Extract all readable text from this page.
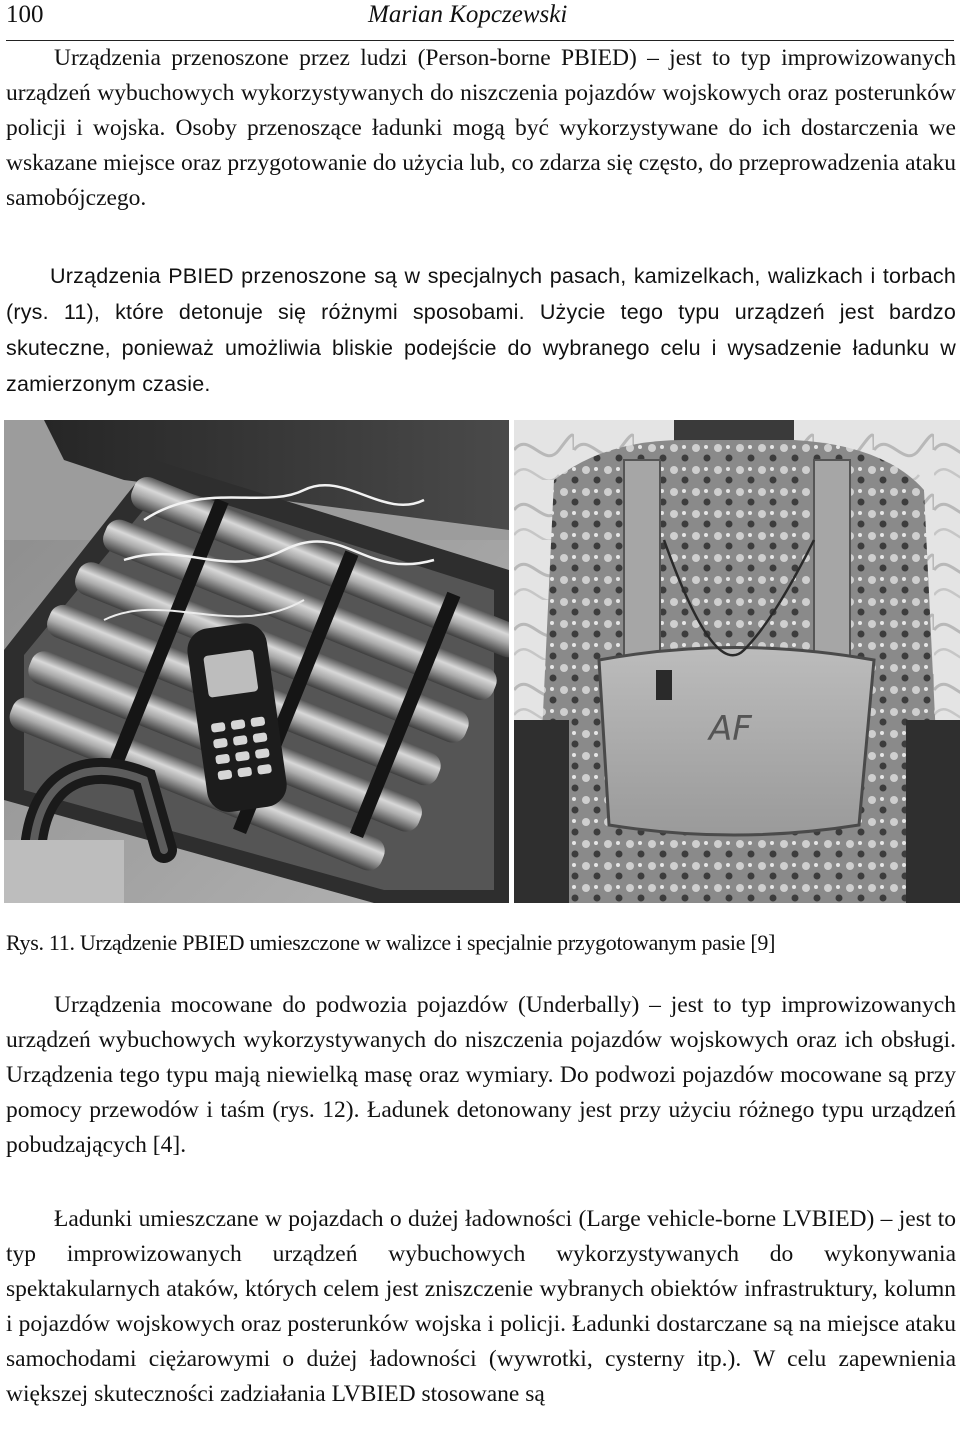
100	Marian Kopczewski

Urządzenia przenoszone przez ludzi (Person-borne PBIED) – jest to typ improwizowanych urządzeń wybuchowych wykorzystywanych do niszczenia pojazdów wojskowych oraz posterunków policji i wojska. Osoby przenoszące ładunki mogą być wykorzystywane do ich dostarczenia we wskazane miejsce oraz przygotowanie do użycia lub, co zdarza się często, do przeprowadzenia ataku samobójczego.

Urządzenia PBIED przenoszone są w specjalnych pasach, kamizelkach, walizkach i torbach (rys. 11), które detonuje się różnymi sposobami. Użycie tego typu urządzeń jest bardzo skuteczne, ponieważ umożliwia bliskie podejście do wybranego celu i wysadzenie ładunku w zamierzonym czasie.

AF
Rys. 11. Urządzenie PBIED umieszczone w walizce i specjalnie przygotowanym pasie [9]

Urządzenia mocowane do podwozia pojazdów (Underbally) – jest to typ improwizowanych urządzeń wybuchowych wykorzystywanych do niszczenia pojazdów wojskowych oraz ich obsługi. Urządzenia tego typu mają niewielką masę oraz wymiary. Do podwozi pojazdów mocowane są przy pomocy przewodów i taśm (rys. 12). Ładunek detonowany jest przy użyciu różnego typu urządzeń pobudzających [4].

Ładunki umieszczane w pojazdach o dużej ładowności (Large vehicle-borne LVBIED) – jest to typ improwizowanych urządzeń wybuchowych wykorzystywanych do wykonywania spektakularnych ataków, których celem jest zniszczenie wybranych obiektów infrastruktury, kolumn i pojazdów wojskowych oraz posterunków wojska i policji. Ładunki dostarczane są na miejsce ataku samochodami ciężarowymi o dużej ładowności (wywrotki, cysterny itp.). W celu zapewnienia większej skuteczności zadziałania LVBIED stosowane są
